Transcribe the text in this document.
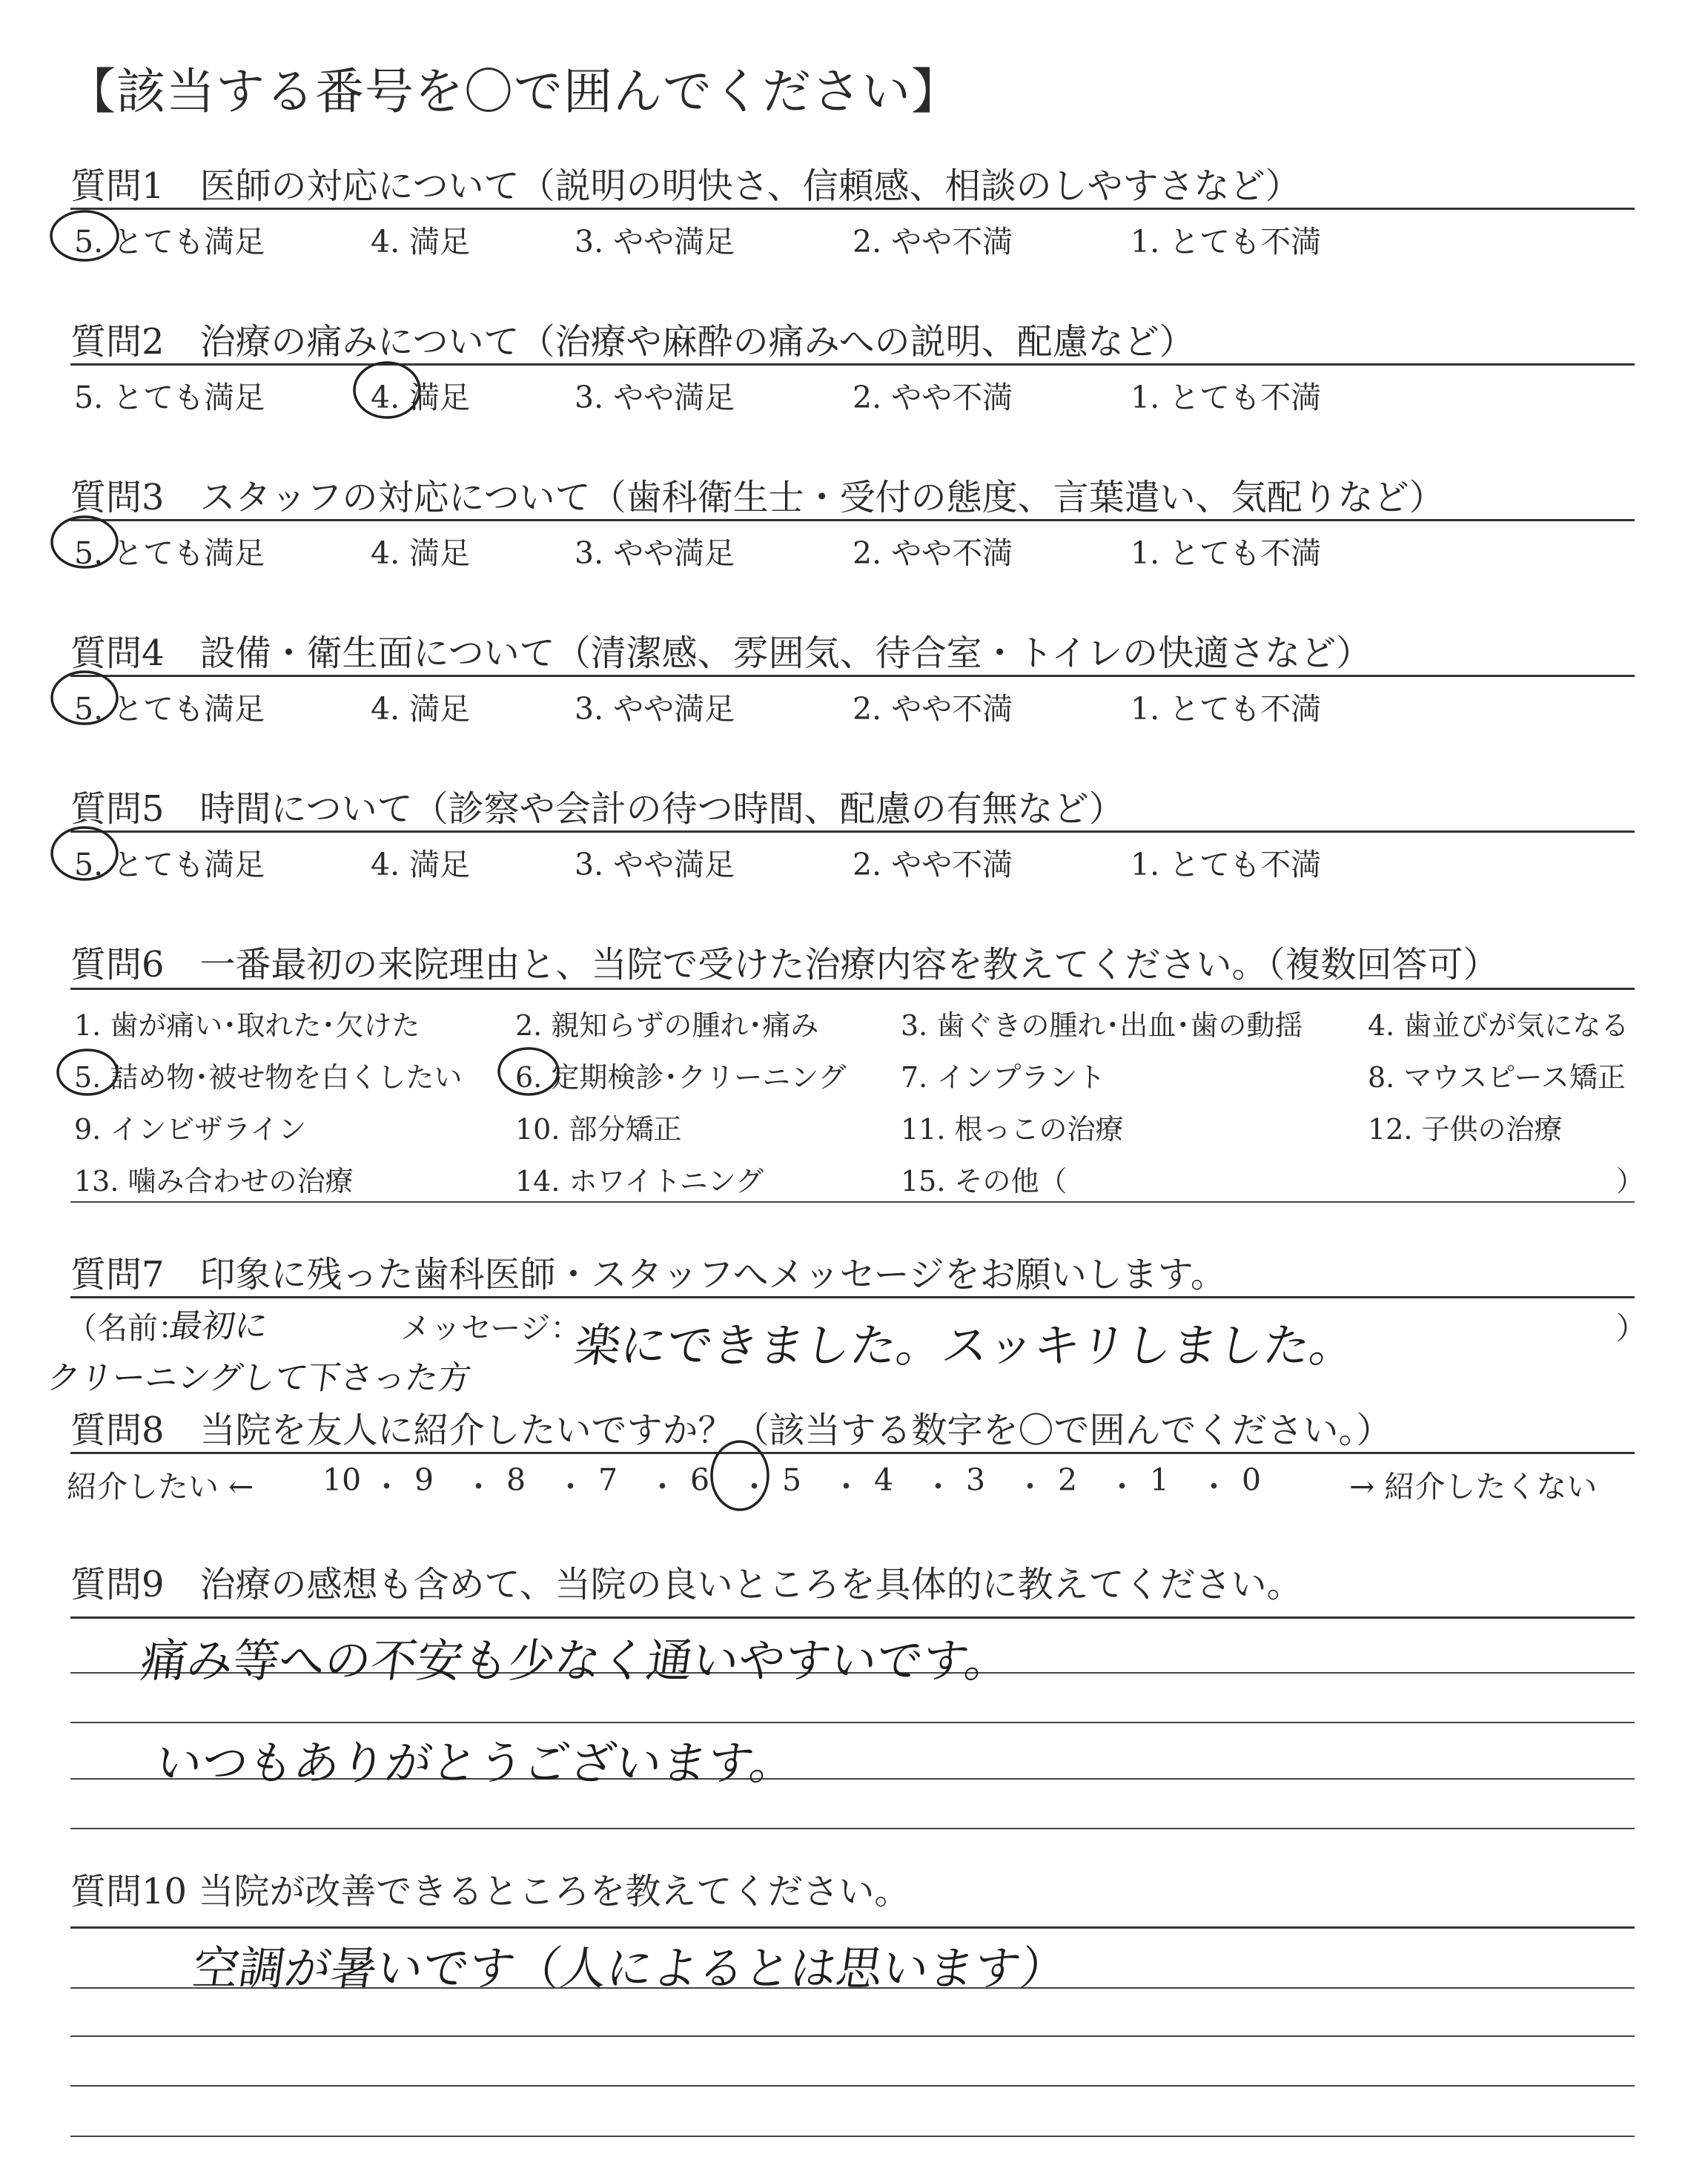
【該当する番号を〇で囲んでください】
質問1　医師の対応について（説明の明快さ、信頼感、相談のしやすさなど）
5. とても満足	4. 満足	3. やや満足	2. やや不満	1. とても不満
質問2　治療の痛みについて（治療や麻酔の痛みへの説明、配慮など）
5. とても満足	4. 満足	3. やや満足	2. やや不満	1. とても不満
質問3　スタッフの対応について（歯科衛生士・受付の態度、言葉遣い、気配りなど）
5. とても満足	4. 満足	3. やや満足	2. やや不満	1. とても不満
質問4　設備・衛生面について（清潔感、雰囲気、待合室・トイレの快適さなど）
5. とても満足	4. 満足	3. やや満足	2. やや不満	1. とても不満
質問5　時間について（診察や会計の待つ時間、配慮の有無など）
5. とても満足	4. 満足	3. やや満足	2. やや不満	1. とても不満
質問6　一番最初の来院理由と、当院で受けた治療内容を教えてください。（複数回答可）
1. 歯が痛い･取れた･欠けた	2. 親知らずの腫れ･痛み	3. 歯ぐきの腫れ･出血･歯の動揺 4. 歯並びが気になる
5. 詰め物･被せ物を白くしたい 6. 定期検診･クリーニング 7. インプラント	8. マウスピース矯正
9. インビザライン	10. 部分矯正	11. 根っこの治療	12. 子供の治療
13. 噛み合わせの治療	14. ホワイトニング	15. その他（	）
質問7　印象に残った歯科医師・スタッフへメッセージをお願いします。
（名前：
最初に
クリーニングして下さった方
メッセージ：
楽にできました。スッキリしました。	）
質問8　当院を友人に紹介したいですか？（該当する数字を〇で囲んでください。）
紹介したい ← 10 ・ 9 ・ 8 ・ 7 ・ 6 ・ 5 ・ 4 ・ 3 ・ 2 ・ 1 ・ 0	→ 紹介したくない
質問9　治療の感想も含めて、当院の良いところを具体的に教えてください。
痛み等への不安も少なく通いやすいです。
いつもありがとうございます。
質問10 当院が改善できるところを教えてください。
空調が暑いです（人によるとは思います）
